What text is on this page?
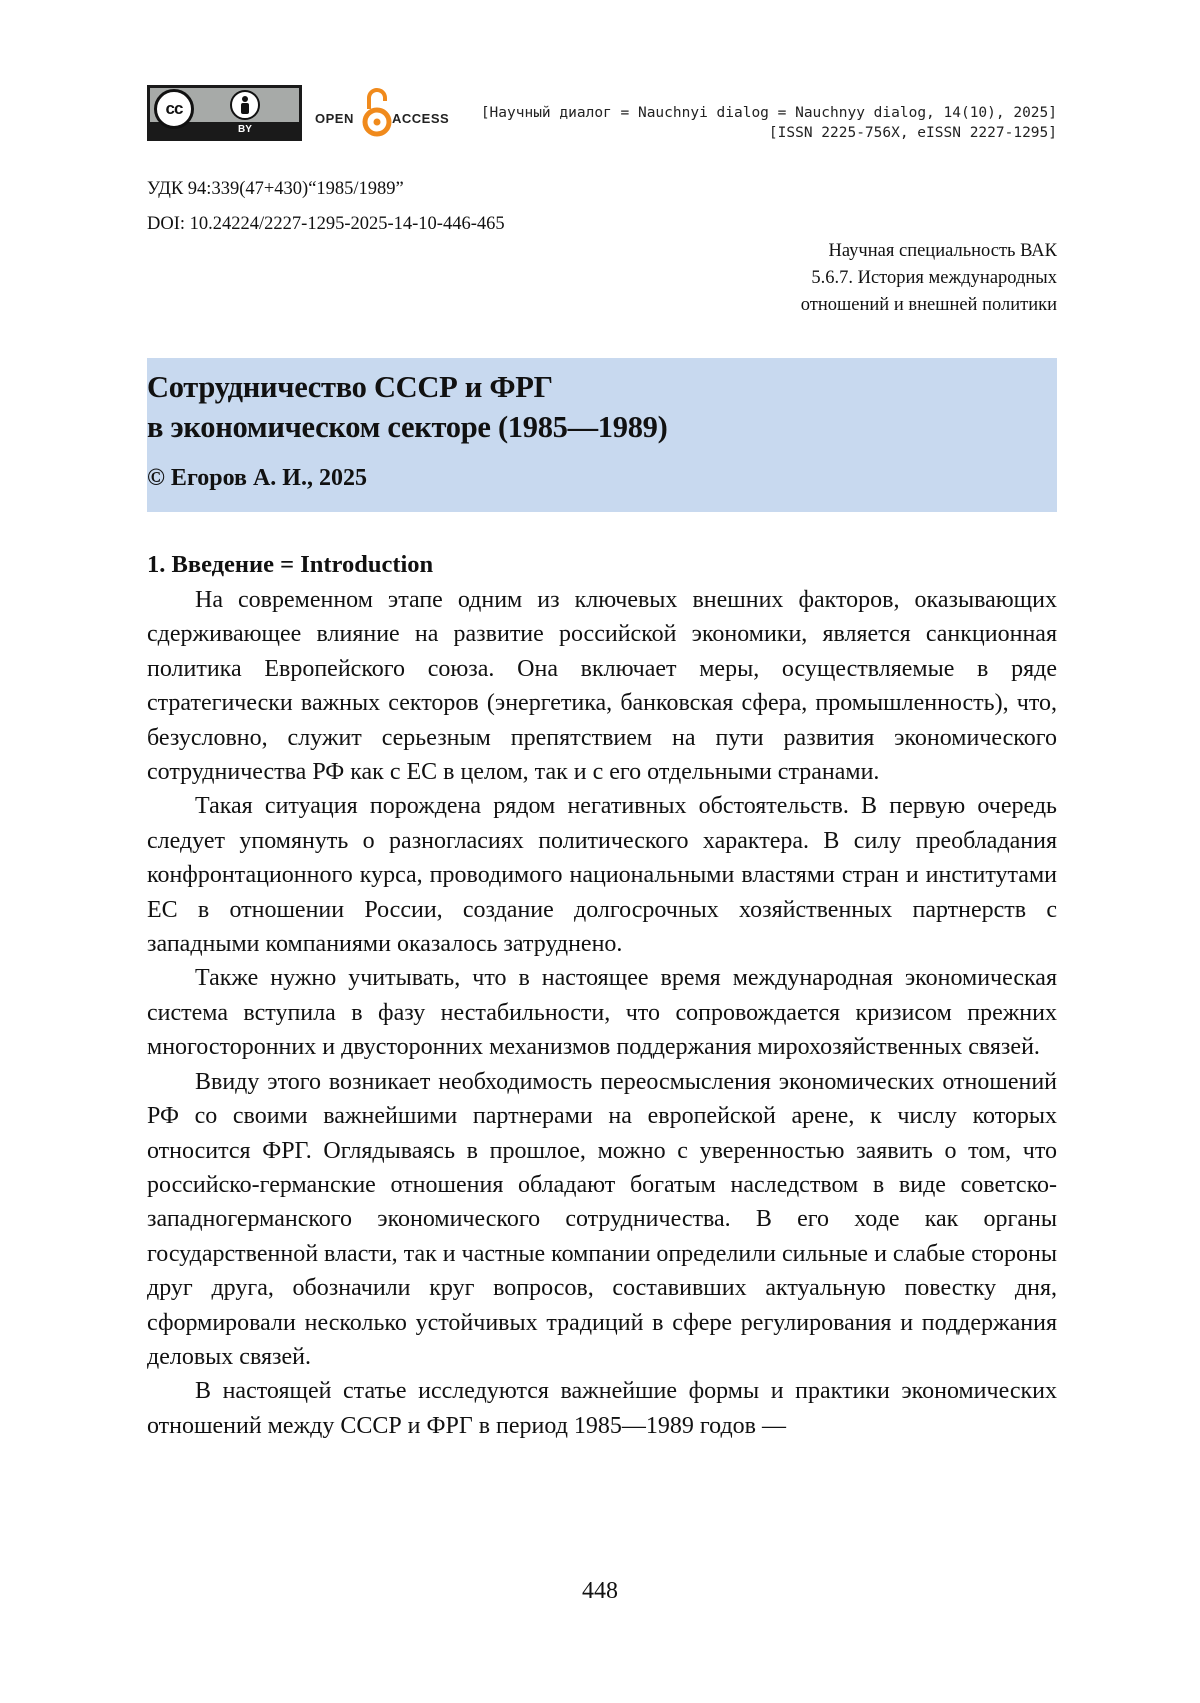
cc
BY
OPEN	ACCESS [Научный диалог = Nauchnyi dialog = Nauchnyy dialog, 14(10), 2025]
[ISSN 2225-756X, eISSN 2227-1295]
УДК 94:339(47+430)“1985/1989”
DOI: 10.24224/2227-1295-2025-14-10-446-465
Научная специальность ВАК
5.6.7. История международных
отношений и внешней политики
Сотрудничество СССР и ФРГ
в экономическом секторе (1985—1989)
© Егоров А. И., 2025
1. Введение = Introduction

На современном этапе одним из ключевых внешних факторов, оказывающих сдерживающее влияние на развитие российской экономики, является санкционная политика Европейского союза. Она включает меры, осуществляемые в ряде стратегически важных секторов (энергетика, банковская сфера, промышленность), что, безусловно, служит серьезным препятствием на пути развития экономического сотрудничества РФ как с ЕС в целом, так и с его отдельными странами.

Такая ситуация порождена рядом негативных обстоятельств. В первую очередь следует упомянуть о разногласиях политического характера. В силу преобладания конфронтационного курса, проводимого национальными властями стран и институтами ЕС в отношении России, создание долгосрочных хозяйственных партнерств с западными компаниями оказалось затруднено.

Также нужно учитывать, что в настоящее время международная экономическая система вступила в фазу нестабильности, что сопровождается кризисом прежних многосторонних и двусторонних механизмов поддержания мирохозяйственных связей.

Ввиду этого возникает необходимость переосмысления экономических отношений РФ со своими важнейшими партнерами на европейской арене, к числу которых относится ФРГ. Оглядываясь в прошлое, можно с уверенностью заявить о том, что российско-германские отношения обладают богатым наследством в виде советско-западногерманского экономического сотрудничества. В его ходе как органы государственной власти, так и частные компании определили сильные и слабые стороны друг друга, обозначили круг вопросов, составивших актуальную повестку дня, сформировали несколько устойчивых традиций в сфере регулирования и поддержания деловых связей.

В настоящей статье исследуются важнейшие формы и практики экономических отношений между СССР и ФРГ в период 1985—1989 годов —

448
